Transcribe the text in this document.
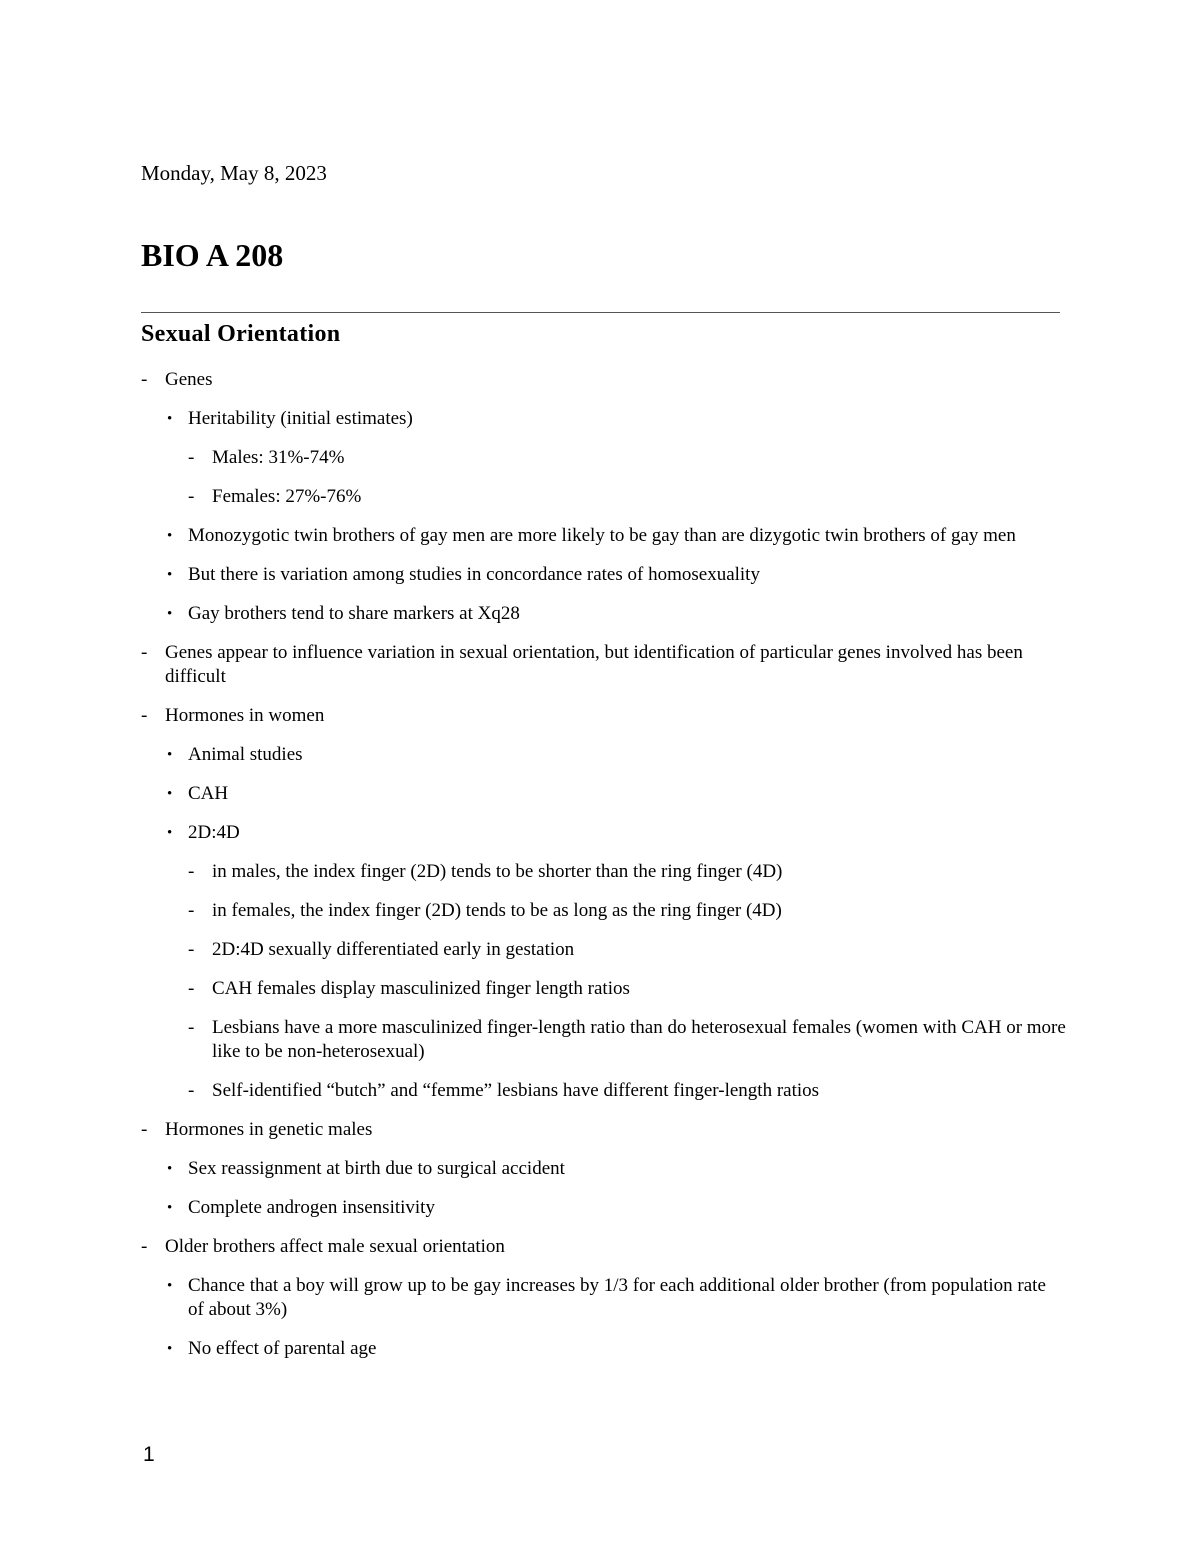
Monday, May 8, 2023
BIO A 208
Sexual Orientation
- Genes
• Heritability (initial estimates)
- Males: 31%-74%
- Females: 27%-76%
• Monozygotic twin brothers of gay men are more likely to be gay than are dizygotic twin brothers of gay men
• But there is variation among studies in concordance rates of homosexuality
• Gay brothers tend to share markers at Xq28
- Genes appear to influence variation in sexual orientation, but identification of particular genes involved has been difficult
- Hormones in women
• Animal studies
• CAH
• 2D:4D
- in males, the index finger (2D) tends to be shorter than the ring finger (4D)
- in females, the index finger (2D) tends to be as long as the ring finger (4D)
- 2D:4D sexually differentiated early in gestation
- CAH females display masculinized finger length ratios
- Lesbians have a more masculinized finger-length ratio than do heterosexual females (women with CAH or more like to be non-heterosexual)
- Self-identified “butch” and “femme” lesbians have different finger-length ratios
- Hormones in genetic males
• Sex reassignment at birth due to surgical accident
• Complete androgen insensitivity
- Older brothers affect male sexual orientation
• Chance that a boy will grow up to be gay increases by 1/3 for each additional older brother (from population rate of about 3%)
• No effect of parental age
1
